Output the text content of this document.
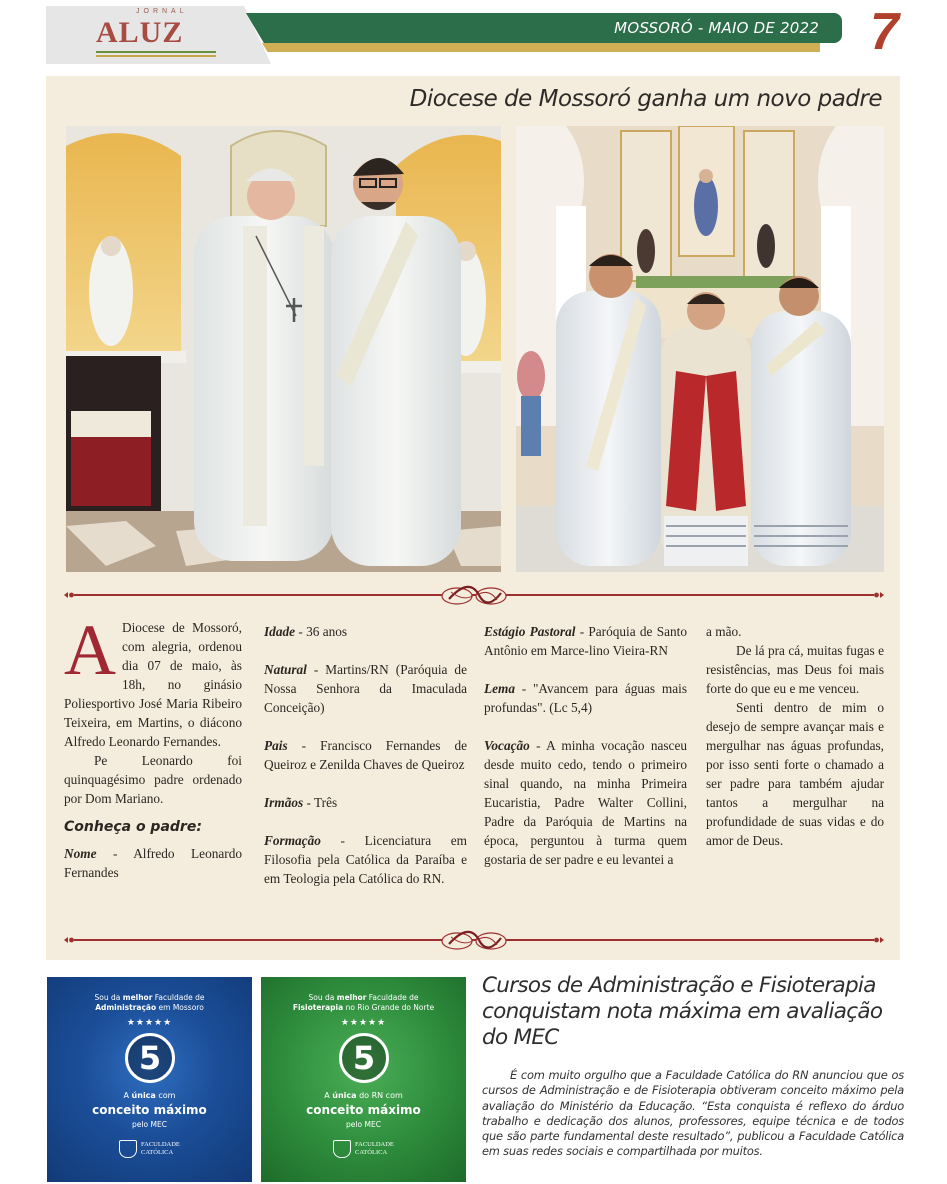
JORNAL
ALUZ	MOSSORÓ - MAIO DE 2022 7
Diocese de Mossoró ganha um novo padre

A Diocese de Mossoró, com alegria, ordenou dia 07 de maio, às 18h, no ginásio Poliesportivo José Maria Ribeiro Teixeira, em Martins, o diácono Alfredo Leonardo Fernandes.

Pe Leonardo foi quinquagésimo padre ordenado por Dom Mariano.

Conheça o padre:

Nome - Alfredo Leonardo Fernandes

Idade - 36 anos

Natural - Martins/RN (Paróquia de Nossa Senhora da Imaculada Conceição)

Pais - Francisco Fernandes de Queiroz e Zenilda Chaves de Queiroz

Irmãos - Três

Formação - Licenciatura em Filosofia pela Católica da Paraíba e em Teologia pela Católica do RN.

Estágio Pastoral - Paróquia de Santo Antônio em Marce-lino Vieira-RN

Lema - "Avancem para águas mais profundas". (Lc 5,4)

Vocação - A minha vocação nasceu desde muito cedo, tendo o primeiro sinal quando, na minha Primeira Eucaristia, Padre Walter Collini, Padre da Paróquia de Martins na época, perguntou à turma quem gostaria de ser padre e eu levantei a

a mão.

De lá pra cá, muitas fugas e resistências, mas Deus foi mais forte do que eu e me venceu.

Senti dentro de mim o desejo de sempre avançar mais e mergulhar nas águas profundas, por isso senti forte o chamado a ser padre para também ajudar tantos a mergulhar na profundidade de suas vidas e do amor de Deus.

Sou da melhor Faculdade de
Administração em Mossoro
★★★★★
5
A única com
conceito máximo
pelo MEC
FACULDADE
CATÓLICA
Sou da melhor Faculdade de
Fisioterapia no Rio Grande do Norte
★★★★★
5
A única do RN com
conceito máximo
pelo MEC
FACULDADE
CATÓLICA
Cursos de Administração e Fisioterapia conquistam nota máxima em avaliação do MEC
É com muito orgulho que a Faculdade Católica do RN anunciou que os cursos de Administração e de Fisioterapia obtiveram conceito máximo pela avaliação do Ministério da Educação. “Esta conquista é reflexo do árduo trabalho e dedicação dos alunos, professores, equipe técnica e de todos que são parte fundamental deste resultado”, publicou a Faculdade Católica em suas redes sociais e compartilhada por muitos.
